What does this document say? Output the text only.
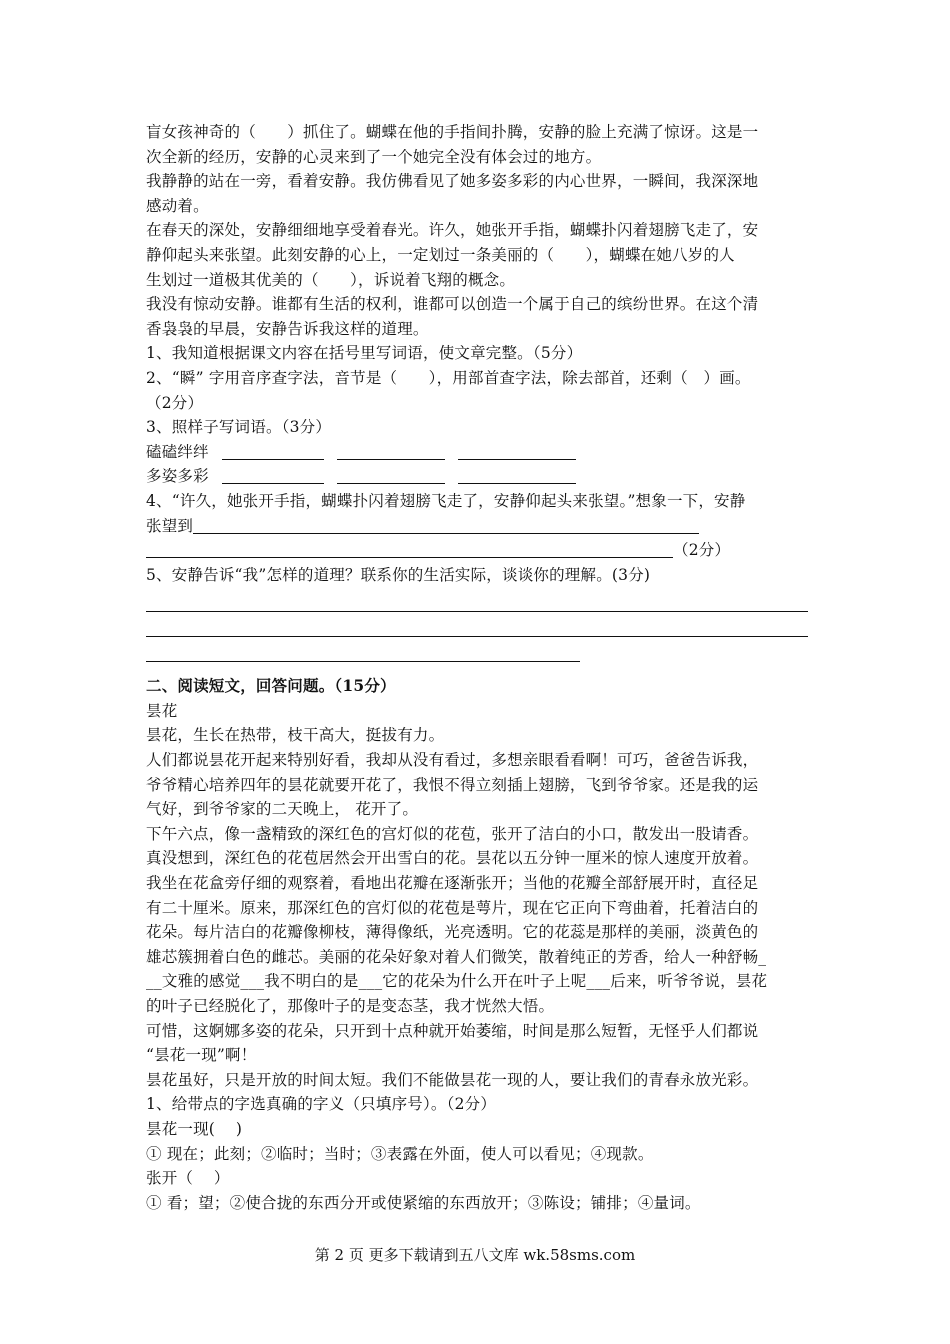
盲女孩神奇的（　　）抓住了。蝴蝶在他的手指间扑腾，安静的脸上充满了惊讶。这是一
次全新的经历，安静的心灵来到了一个她完全没有体会过的地方。
我静静的站在一旁，看着安静。我仿佛看见了她多姿多彩的内心世界，一瞬间，我深深地
感动着。
在春天的深处，安静细细地享受着春光。许久，她张开手指，蝴蝶扑闪着翅膀飞走了，安
静仰起头来张望。此刻安静的心上，一定划过一条美丽的（　　），蝴蝶在她八岁的人
生划过一道极其优美的（　　），诉说着飞翔的概念。
我没有惊动安静。谁都有生活的权利，谁都可以创造一个属于自己的缤纷世界。在这个清
香袅袅的早晨，安静告诉我这样的道理。
1、我知道根据课文内容在括号里写词语，使文章完整。（5分）
2、“瞬” 字用音序查字法，音节是（　　），用部首查字法，除去部首，还剩（　）画。
（2分）
3、照样子写词语。（3分）
磕磕绊绊
多姿多彩
4、“许久，她张开手指，蝴蝶扑闪着翅膀飞走了，安静仰起头来张望。”想象一下，安静
张望到
（2分）
5、安静告诉“我”怎样的道理？联系你的生活实际，谈谈你的理解。(3分)
二、阅读短文，回答问题。（15分）
昙花
昙花，生长在热带，枝干高大，挺拔有力。
人们都说昙花开起来特别好看，我却从没有看过，多想亲眼看看啊！可巧，爸爸告诉我，
爷爷精心培养四年的昙花就要开花了，我恨不得立刻插上翅膀，飞到爷爷家。还是我的运
气好，到爷爷家的二天晚上， 花开了。
下午六点，像一盏精致的深红色的宫灯似的花苞，张开了洁白的小口，散发出一股请香。
真没想到，深红色的花苞居然会开出雪白的花。昙花以五分钟一厘米的惊人速度开放着。
我坐在花盒旁仔细的观察着，看地出花瓣在逐渐张开；当他的花瓣全部舒展开时，直径足
有二十厘米。原来，那深红色的宫灯似的花苞是萼片，现在它正向下弯曲着，托着洁白的
花朵。每片洁白的花瓣像柳枝，薄得像纸，光亮透明。它的花蕊是那样的美丽，淡黄色的
雄芯簇拥着白色的雌芯。美丽的花朵好象对着人们微笑，散着纯正的芳香，给人一种舒畅_
__文雅的感觉___我不明白的是___它的花朵为什么开在叶子上呢___后来，听爷爷说，昙花
的叶子已经脱化了，那像叶子的是变态茎，我才恍然大悟。
可惜，这婀娜多姿的花朵，只开到十点种就开始萎缩，时间是那么短暂，无怪乎人们都说
“昙花一现”啊！
昙花虽好，只是开放的时间太短。我们不能做昙花一现的人，要让我们的青春永放光彩。
1、给带点的字选真确的字义（只填序号）。（2分）
昙花一现(　 )
① 现在；此刻；②临时；当时；③表露在外面，使人可以看见；④现款。
张开（　 ）
① 看；望；②使合拢的东西分开或使紧缩的东西放开；③陈设；铺排；④量词。
第 2 页 更多下载请到五八文库 wk.58sms.com
